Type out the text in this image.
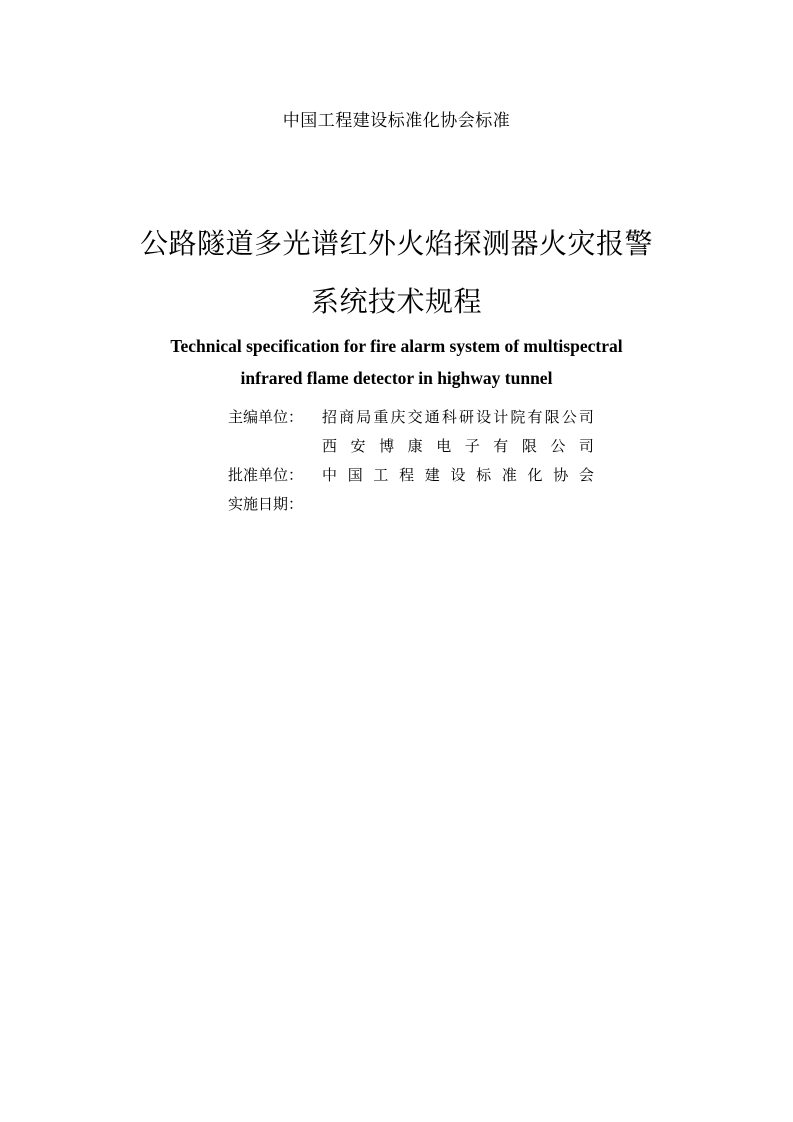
中国工程建设标准化协会标准
公路隧道多光谱红外火焰探测器火灾报警
系统技术规程
Technical specification for fire alarm system of multispectral
infrared flame detector in highway tunnel
主编单位： 招 商 局 重 庆 交 通 科 研 设 计 院 有 限 公 司
西 安 博 康 电 子 有 限 公 司
批准单位： 中 国 工 程 建 设 标 准 化 协 会
实施日期：
